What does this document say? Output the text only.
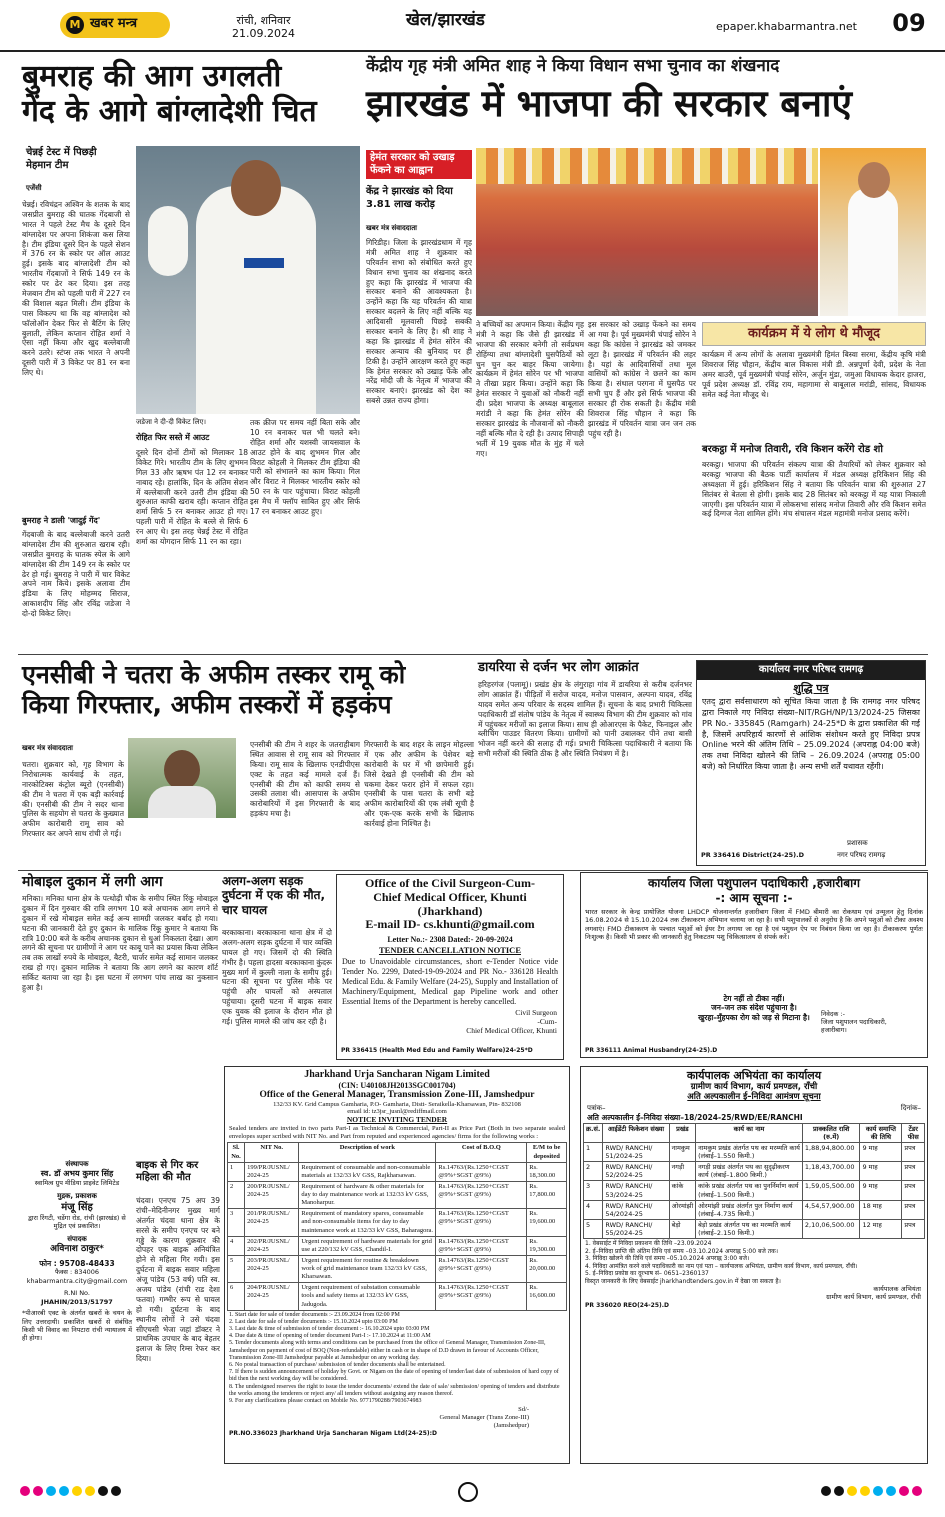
खबर मन्त्र
M	रांची, शनिवार
21.09.2024
खेल/झारखंड	epaper.khabarmantra.net 09
बुमराह की आग उगलती
गेंद के आगे बांग्लादेशी चित
चेन्नई टेस्ट में पिछड़ी
मेहमान टीम
एजेंसी
चेन्नई। रविचंद्रन अश्विन के शतक के बाद जसप्रीत बुमराह की घातक गेंदबाजी से भारत ने पहले टेस्ट मैच के दूसरे दिन बांग्लादेश पर अपना शिकंजा कस लिया है। टीम इंडिया दूसरे दिन के पहले सेशन में 376 रन के स्कोर पर ऑल आउट हुई। इसके बाद बांग्लादेशी टीम को भारतीय गेंदबाजों ने सिर्फ 149 रन के स्कोर पर ढेर कर दिया। इस तरह मेजबान टीम को पहली पारी में 227 रन की विशाल बढ़त मिली। टीम इंडिया के पास विकल्प था कि वह बांग्लादेश को फॉलोऑन देकर फिर से बैटिंग के लिए बुलाती, लेकिन कप्तान रोहित शर्मा ने ऐसा नहीं किया और खुद बल्लेबाजी करने उतरे। स्टंप्स तक भारत ने अपनी दूसरी पारी में 3 विकेट पर 81 रन बना लिए थे।
बुमराह ने डाली 'जादुई गेंद'
गेंदबाजी के बाद बल्लेबाजी करने उतरी बांग्लादेश टीम की शुरुआत खराब रही। जसप्रीत बुमराह के घातक स्पेल के आगे बांग्लादेश की टीम 149 रन के स्कोर पर ढेर हो गई। बुमराह ने पारी में चार विकेट अपने नाम किये। इसके अलावा टीम इंडिया के लिए मोहम्मद सिराज, आकाशदीप सिंह और रविंद्र जडेजा ने दो-दो विकेट लिए।
जडेजा ने दी-दी विकेट लिए।
रोहित फिर सस्ते में आउट
दूसरे दिन दोनों टीमों को मिलाकर 18 विकेट गिरे। भारतीय टीम के लिए शुभमन गिल 33 और ऋषभ पंत 12 रन बनाकर नाबाद रहे। हालांकि, दिन के अंतिम सेशन में बल्लेबाजी करने उतरी टीम इंडिया की शुरुआत काफी खराब रही। कप्तान रोहित शर्मा सिर्फ 5 रन बनाकर आउट हो गए। पहली पारी में रोहित के बल्ले से सिर्फ 6 रन आए थे। इस तरह चेन्नई टेस्ट में रोहित शर्मा का योगदान सिर्फ 11 रन का रहा।
तक क्रीज पर समय नहीं बिता सके और 10 रन बनाकर चल भी चलते बने। रोहित शर्मा और यशस्वी जायसवाल के आउट होने के बाद शुभमन गिल और विराट कोहली ने मिलकर टीम इंडिया की पारी को संभालने का काम किया। गिल और विराट ने मिलकर भारतीय स्कोर को 50 रन के पार पहुंचाया। विराट कोहली इस मैच में फ्लॉप साबित हुए और सिर्फ 17 रन बनाकर आउट हुए।
केंद्रीय गृह मंत्री अमित शाह ने किया विधान सभा चुनाव का शंखनाद
झारखंड में भाजपा की सरकार बनाएं
हेमंत सरकार को उखाड़ फेंकने का आह्वान
केंद्र ने झारखंड को दिया 3.81 लाख करोड़
खबर मंत्र संवाददाता
गिरिडीह। जिला के झारखंडधाम में गृह मंत्री अमित शाह ने शुक्रवार को परिवर्तन सभा को संबोधित करते हुए विधान सभा चुनाव का शंखनाद करते हुए कहा कि झारखंड में भाजपा की सरकार बनाने की आवश्यकता है। उन्होंने कहा कि यह परिवर्तन की यात्रा सरकार बदलने के लिए नहीं बल्कि यह आदिवासी मूलवासी पिछड़े सबकी सरकार बनाने के लिए है। श्री शाह ने कहा कि झारखंड में हेमंत सोरेन की सरकार अन्याय की बुनियाद पर ही टिकी है। उन्होंने आरक्षण करते हुए कहा कि हेमंत सरकार को उखाड़ फेंके और नरेंद्र मोदी जी के नेतृत्व में भाजपा की सरकार बनाएं। झारखंड को देश का सबसे उन्नत राज्य होगा।
ने बच्चियों का अपमान किया। केंद्रीय गृह मंत्री ने कहा कि जैसे ही झारखंड में भाजपा की सरकार बनेगी तो सर्वप्रथम रोहिंग्या तथा बांग्लादेशी घुसपैठियों को चुन चुन कर बाहर किया जायेगा। कार्यक्रम में हेमंत सोरेन पर भी भाजपा ने तीखा प्रहार किया। उन्होंने कहा कि हेमंत सरकार ने युवाओं को नौकरी नहीं दी। प्रदेश भाजपा के अध्यक्ष बाबूलाल मरांडी ने कहा कि हेमंत सोरेन की सरकार झारखंड के नौजवानों को नौकरी नहीं बल्कि मौत दे रही है। उत्पाद सिपाही भर्ती में 19 युवक मौत के मुंह में चले गए।
इस सरकार को उखाड़ फेंकने का समय आ गया है। पूर्व मुख्यमंत्री चंपाई सोरेन ने कहा कि कांग्रेस ने झारखंड को जमकर लूटा है। झारखंड में परिवर्तन की लहर है। यहां के आदिवासियों तथा मूल वासियों को कांग्रेस ने छलने का काम किया है। संथाल परगना में घुसपैठ पर सभी चुप हैं और इसे सिर्फ भाजपा की सरकार ही रोक सकती है। केंद्रीय मंत्री शिवराज सिंह चौहान ने कहा कि झारखंड में परिवर्तन यात्रा जन जन तक पहुंच रही है।
कार्यक्रम में ये लोग थे मौजूद
कार्यक्रम में अन्य लोगों के अलावा मुख्यमंत्री हिमंत बिस्वा सरमा, केंद्रीय कृषि मंत्री शिवराज सिंह चौहान, केंद्रीय बाल विकास मंत्री डी. अन्नपूर्णा देवी, प्रदेश के नेता अमर बाउरी, पूर्व मुख्यमंत्री चंपाई सोरेन, अर्जुन मुंडा, जमुआ विधायक केदार हाजरा, पूर्व प्रदेश अध्यक्ष डॉ. रविंद्र राय, महागामा से बाबूलाल मरांडी, सांसद, विधायक समेत कई नेता मौजूद थे।
बरकट्ठा में मनोज तिवारी, रवि किशन करेंगे रोड शो
बरकट्ठा। भाजपा की परिवर्तन संकल्प यात्रा की तैयारियों को लेकर शुक्रवार को बरकट्ठा भाजपा की बैठक पार्टी कार्यालय में मंडल अध्यक्ष हरिकिशन सिंह की अध्यक्षता में हुई। हरिकिशन सिंह ने बताया कि परिवर्तन यात्रा की शुरुआत 27 सितंबर से बेतला से होगी। इसके बाद 28 सितंबर को बरकट्ठा में यह यात्रा निकाली जाएगी। इस परिवर्तन यात्रा में लोकसभा सांसद मनोज तिवारी और रवि किशन समेत कई दिग्गज नेता शामिल होंगे। मंच संचालन मंडल महामंत्री मनोज प्रसाद करेंगे।
एनसीबी ने चतरा के अफीम तस्कर रामू को
किया गिरफ्तार, अफीम तस्करों में हड़कंप
खबर मंत्र संवाददाता
चतरा। शुक्रवार को, गृह विभाग के निरोधात्मक कार्यवाई के तहत, नारकोटिक्स कंट्रोल ब्यूरो (एनसीबी) की टीम ने चतरा में एक बड़ी कार्रवाई की। एनसीबी की टीम ने सदर थाना पुलिस के सहयोग से चतरा के कुख्यात अफीम कारोबारी रामू साव को गिरफ्तार कर अपने साथ रांची ले गई।
एनसीबी की टीम ने शहर के जतराहीबाग स्थित आवास से रामू साव को गिरफ्तार किया। रामू साव के खिलाफ एनडीपीएस एक्ट के तहत कई मामले दर्ज हैं। एनसीबी की टीम को काफी समय से उसकी तलाश थी। आसपास के अफीम कारोबारियों में इस गिरफ्तारी के बाद हड़कंप मचा है।
गिरफ्तारी के बाद शहर के लाइन मोहल्ला में एक और अफीम के पेशेवर बड़े कारोबारी के घर में भी छापेमारी हुई। जिसे देखते ही एनसीबी की टीम को चकमा देकर फरार होने में सफल रहा। एनसीबी के पास चतरा के सभी बड़े अफीम कारोबारियों की एक लंबी सूची है और एक-एक करके सभी के खिलाफ कार्रवाई होना निश्चित है।
डायरिया से दर्जन भर लोग आक्रांत
हरिहरगंज (पलामू)। प्रखंड क्षेत्र के लंगुराहा गांव में डायरिया से करीब दर्जनभर लोग आक्रांत हैं। पीड़ितों में सरोज यादव, मनोज पासवान, अल्पना यादव, रविंद्र यादव समेत अन्य परिवार के सदस्य शामिल हैं। सूचना के बाद प्रभारी चिकित्सा पदाधिकारी डॉ संतोष पांडेय के नेतृत्व में स्वास्थ्य विभाग की टीम शुक्रवार को गांव में पहुंचकर मरीजों का इलाज किया। साथ ही ओआरएस के पैकेट, फिनाइल और ब्लीचिंग पाउडर वितरण किया। ग्रामीणों को पानी उबालकर पीने तथा बासी भोजन नहीं करने की सलाह दी गई। प्रभारी चिकित्सा पदाधिकारी ने बताया कि सभी मरीजों की स्थिति ठीक है और स्थिति नियंत्रण में है।
कार्यालय नगर परिषद रामगढ़
शुद्धि पत्र
एतद् द्वारा सर्वसाधारण को सूचित किया जाता है कि रामगढ़ नगर परिषद द्वारा निकाले गए निविदा संख्या–NIT/RGH/NP/13/2024-25 जिसका PR No.- 335845 (Ramgarh) 24-25*D के द्वारा प्रकाशित की गई है, जिसमें अपरिहार्य कारणों से आंशिक संशोधन करते हुए निविदा प्रपत्र Online भरने की अंतिम तिथि – 25.09.2024 (अपराह्न 04:00 बजे) तक तथा निविदा खोलने की तिथि – 26.09.2024 (अपराह्न 05:00 बजे) को निर्धारित किया जाता है। अन्य सभी शर्तें यथावत रहेंगी।
प्रशासक
नगर परिषद रामगढ़
PR 336416 District(24-25).D
मोबाइल दुकान में लगी आग
मनिका। मनिका थाना क्षेत्र के पत्थोढ़ी चौक के समीप स्थित रिंकू मोबाइल दुकान में दिन गुरुवार की रात्रि लगभग 10 बजे अचानक आग लगने से दुकान में रखे मोबाइल समेत कई अन्य सामग्री जलकर बर्बाद हो गया। घटना की जानकारी देते हुए दुकान के मालिक रिंकू कुमार ने बताया कि रात्रि 10:00 बजे के करीब अचानक दुकान से धुआं निकलता देखा। आग लगने की सूचना पर ग्रामीणों ने आग पर काबू पाने का प्रयास किया लेकिन तब तक लाखों रुपये के मोबाइल, बैटरी, चार्जर समेत कई सामान जलकर राख हो गए। दुकान मालिक ने बताया कि आग लगने का कारण शॉर्ट सर्किट बताया जा रहा है। इस घटना में लगभग पांच लाख का नुकसान हुआ है।
अलग-अलग सड़क दुर्घटना में एक की मौत, चार घायल
बरकाकाना। बरकाकाना थाना क्षेत्र में दो अलग-अलग सड़क दुर्घटना में चार व्यक्ति घायल हो गए। जिसमें दो की स्थिति गंभीर है। पहला हादसा बरकाकाना कुंदरू मुख्य मार्ग में कुल्ली नाला के समीप हुई। घटना की सूचना पर पुलिस मौके पर पहुंची और घायलों को अस्पताल पहुंचाया। दूसरी घटना में बाइक सवार एक युवक की इलाज के दौरान मौत हो गई। पुलिस मामले की जांच कर रही है।
Office of the Civil Surgeon-Cum-
Chief Medical Officer, Khunti
(Jharkhand)
E-mail ID- cs.khunti@gmail.com
Letter No.:- 2308 Dated:- 20-09-2024
TENDER CANCELLATION NOTICE
Due to Unavoidable circumstances, short e-Tender Notice vide Tender No. 2299, Dated-19-09-2024 and PR No.- 336128 Health Medical Edu. & Family Welfare (24-25), Supply and Installation of Machinery/Equipment, Medical gap Pipeline work and other Essential Items of the Department is hereby cancelled.
Civil Surgeon
-Cum-
Chief Medical Officer, Khunti
PR 336415 (Health Med Edu and Family Welfare)24-25*D
कार्यालय जिला पशुपालन पदाधिकारी ,हजारीबाग
-: आम सूचना :-
भारत सरकार के केन्द्र प्रायोजित योजना LHDCP योजनान्तर्गत हजारीबाग जिला में FMD बीमारी का रोकथाम एवं उन्मूलन हेतु दिनांक 16.08.2024 से 15.10.2024 तक टीकाकरण अभियान चलाया जा रहा है। सभी पशुपालकों से अनुरोध है कि अपने पशुओं को टीका अवश्य लगवाएं। FMD टीकाकरण के पश्चात पशुओं को ईयर टैग लगाया जा रहा है एवं पशुधन ऐप पर निबंधन किया जा रहा है। टीकाकरण पूर्णतः निःशुल्क है। किसी भी प्रकार की जानकारी हेतु निकटतम पशु चिकित्सालय से संपर्क करें।
टेग नहीं तो टीका नहीं।
जन–जन तक संदेश पहुंचाना है।
खुरहा–मुँहपका रोग को जड़ से मिटाना है।	निवेदक :-
जिला पशुपालन पदाधिकारी,
हजारीबाग।
PR 336111 Animal Husbandry(24-25).D
संस्थापक
स्व. डॉ अभय कुमार सिंह
स्वामित्व ग्रुप मीडिया प्राइवेट लिमिटेड
मुद्रक, प्रकाशक
मंजू सिंह
द्वारा रिंगटी, चडेंगा रोड, रांची (झारखंड) से मुद्रित एवं प्रकाशित।
संपादक
अविनाश ठाकुर*
फोन : 95708-48433
फैक्स : 834006
khabarmantra.city@gmail.com
R.NI No.
JHAHIN/2013/51797
*पीआरबी एक्ट के अंतर्गत खबरों के चयन के लिए उत्तरदायी। प्रकाशित खबरों से संबंधित किसी भी विवाद का निपटारा रांची न्यायालय में ही होगा।
बाइक से गिर कर महिला की मौत
चंदवा। एनएच 75 अप 39 रांची–मेदिनीनगर मुख्य मार्ग अंतर्गत चंदवा थाना क्षेत्र के सरसे के समीप एनएच पर बने गड्ढे के कारण शुक्रवार की दोपहर एक बाइक अनियंत्रित होने से महिला गिर गयी। इस दुर्घटना में बाइक सवार महिला अंजू पांडेय (53 वर्ष) पति स्व. अजय पांडेय (रांची राड देशा फतवा) गम्भीर रूप से घायल हो गयी। दुर्घटना के बाद स्थानीय लोगों ने उसे चंदवा सीएचसी भेजा जहां डॉक्टर ने प्राथमिक उपचार के बाद बेहतर इलाज के लिए रिम्स रेफर कर दिया।
Jharkhand Urja Sancharan Nigam Limited
(CIN: U40108JH2013SGC001704)
Office of the General Manager, Transmission Zone-III, Jamshedpur
132/33 KV. Grid Campus Gamharia, P.O- Gamharia, Distt- Seraikella-Kharsawan, Pin- 832108
email id: tz3jsr_jusnl@rediffmail.com
NOTICE INVITING TENDER
Sealed tenders are invited in two parts Part-I as Technical & Commercial, Part-II as Price Part (Both in two separate sealed envelopes super scribed with NIT No. and Part from reputed and experienced agencies/ firms for the following works :
Sl. No.	NIT No.	Description of work	Cost of B.O.Q	E/M to be deposited
1	199/PR/JUSNL/ 2024-25	Requirement of consumable and non-consumable materials at 132/33 kV GSS, Rajkharsawan.	Rs.14763/(Rs.1250+CGST @9%+SGST @9%)	Rs. 18,300.00
2	200/PR/JUSNL/ 2024-25	Requirement of hardware & other materials for day to day maintenance work at 132/33 kV GSS, Manoharpur.	Rs.14763/(Rs.1250+CGST @9%+SGST @9%)	Rs. 17,800.00
3	201/PR/JUSNL/ 2024-25	Requirement of mandatory spares, consumable and non-consumable items for day to day maintenance work at 132/33 kV GSS, Baharagora.	Rs.14763/(Rs.1250+CGST @9%+SGST @9%)	Rs. 19,600.00
4	202/PR/JUSNL/ 2024-25	Urgent requirement of hardware materials for grid use at 220/132 kV GSS, Chandil-I.	Rs.14763/(Rs.1250+CGST @9%+SGST @9%)	Rs. 19,300.00
5	203/PR/JUSNL/ 2024-25	Urgent requirement for routine & breakdown work of grid maintenance team 132/33 kV GSS, Kharsawan.	Rs.14763/(Rs.1250+CGST @9%+SGST @9%)	Rs. 20,000.00
6	204/PR/JUSNL/ 2024-25	Urgent requirement of substation consumable tools and safety items at 132/33 kV GSS, Jadugoda.	Rs.14763/(Rs.1250+CGST @9%+SGST @9%)	Rs. 16,600.00
1. Start date for sale of tender documents :- 23.09.2024 from 02:00 PM
2. Last date for sale of tender documents :- 15.10.2024 upto 03:00 PM
3. Last date & time of submission of tender document :- 16.10.2024 upto 03:00 PM
4. Due date & time of opening of tender document Part-I :- 17.10.2024 at 11:00 AM
5. Tender documents along with terms and conditions can be purchased from the office of General Manager, Transmission Zone-III, Jamshedpur on payment of cost of BOQ (Non-refundable) either in cash or in shape of D.D drawn in favour of Accounts Officer, Transmission Zone-III Jamshedpur payable at Jamshedpur on any working day.
6. No postal transaction of purchase/ submission of tender documents shall be entertained.
7. If there is sudden announcement of holiday by Govt. or Nigam on the date of opening of tender/last date of submission of hard copy of bid then the next working day will be considered.
8. The undersigned reserves the right to issue the tender documents/ extend the date of sale/ submission/ opening of tenders and distribute the works among the tenderers or reject any/ all tenders without assigning any reason thereof.
9. For any clarifications please contact on Mobile No. 9771790288/7903674983
Sd/-
General Manager (Trans Zone-III)
(Jamshedpur)
PR.NO.336023 Jharkhand Urja Sancharan Nigam Ltd(24-25):D
कार्यपालक अभियंता का कार्यालय
ग्रामीण कार्य विभाग, कार्य प्रमण्डल, राँची
अति अल्पकालीन ई–निविदा आमंत्रण सूचना
पत्रांक–	दिनांक–
अति अल्पकालीन ई–निविदा संख्या–18/2024-25/RWD/EE/RANCHI
क्र.सं.	आईडेंटी फिकेशन संख्या	प्रखंड	कार्य का नाम	प्राक्कलित राशि (रु.में)	कार्य समाप्ति की तिथि	टेंडर फीस
1	RWD/ RANCHI/ 51/2024-25	नामकुम	नामकुम प्रखंड अंतर्गत पथ का मरम्मति कार्य (लंबाई–1.550 किमी.)	1,88,94,800.00	9 माह	प्रपत्र
2	RWD/ RANCHI/ 52/2024-25	नगड़ी	नगड़ी प्रखंड अंतर्गत पथ का सुदृढ़ीकरण कार्य (लंबाई–1.800 किमी.)	1,18,43,700.00	9 माह	प्रपत्र
3	RWD/ RANCHI/ 53/2024-25	कांके	कांके प्रखंड अंतर्गत पथ का पुनर्निर्माण कार्य (लंबाई–1.500 किमी.)	1,59,05,500.00	9 माह	प्रपत्र
4	RWD/ RANCHI/ 54/2024-25	ओरमांझी	ओरमांझी प्रखंड अंतर्गत पुल निर्माण कार्य (लंबाई–4.735 किमी.)	4,54,57,900.00	18 माह	प्रपत्र
5	RWD/ RANCHI/ 55/2024-25	बेड़ो	बेड़ो प्रखंड अंतर्गत पथ का मरम्मति कार्य (लंबाई–2.150 किमी.)	2,10,06,500.00	12 माह	प्रपत्र
1. वेबसाईट में निविदा प्रकाशन की तिथि –23.09.2024
2. ई–निविदा प्राप्ति की अंतिम तिथि एवं समय –03.10.2024 अपराह्न 5:00 बजे तक।
3. निविदा खोलने की तिथि एवं समय –05.10.2024 अपराह्न 3:00 बजे।
4. निविदा आमंत्रित करने वाले पदाधिकारी का नाम एवं पता – कार्यपालक अभियंता, ग्रामीण कार्य विभाग, कार्य प्रमण्डल, राँची।
5. ई–निविदा प्रकोष्ठ का दूरभाष सं– 0651–2360137
विस्तृत जानकारी के लिए वेबसाईट jharkhandtenders.gov.in में देखा जा सकता है।
कार्यपालक अभियंता
ग्रामीण कार्य विभाग, कार्य प्रमण्डल, राँची
PR 336020 REO(24-25).D
